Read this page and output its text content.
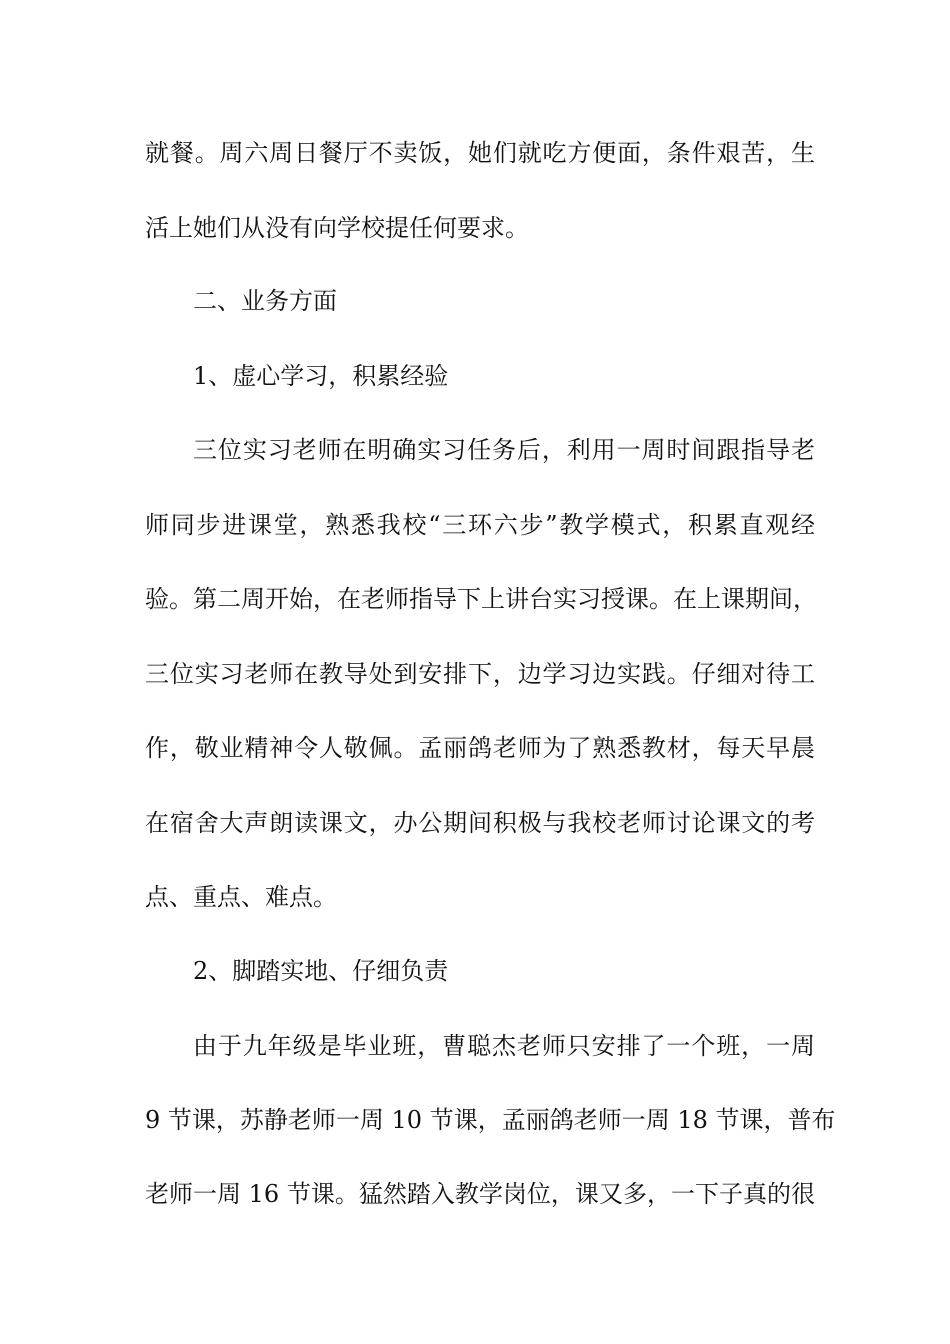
就餐。周六周日餐厅不卖饭，她们就吃方便面，条件艰苦，生
活上她们从没有向学校提任何要求。
二、业务方面
1、虚心学习，积累经验
三位实习老师在明确实习任务后，利用一周时间跟指导老
师同步进课堂，熟悉我校“三环六步”教学模式，积累直观经
验。第二周开始，在老师指导下上讲台实习授课。在上课期间，
三位实习老师在教导处到安排下，边学习边实践。仔细对待工
作，敬业精神令人敬佩。孟丽鸽老师为了熟悉教材，每天早晨
在宿舍大声朗读课文，办公期间积极与我校老师讨论课文的考
点、重点、难点。
2、脚踏实地、仔细负责
由于九年级是毕业班，曹聪杰老师只安排了一个班，一周
9 节课，苏静老师一周 10 节课，孟丽鸽老师一周 18 节课，普布
老师一周 16 节课。猛然踏入教学岗位，课又多，一下子真的很
